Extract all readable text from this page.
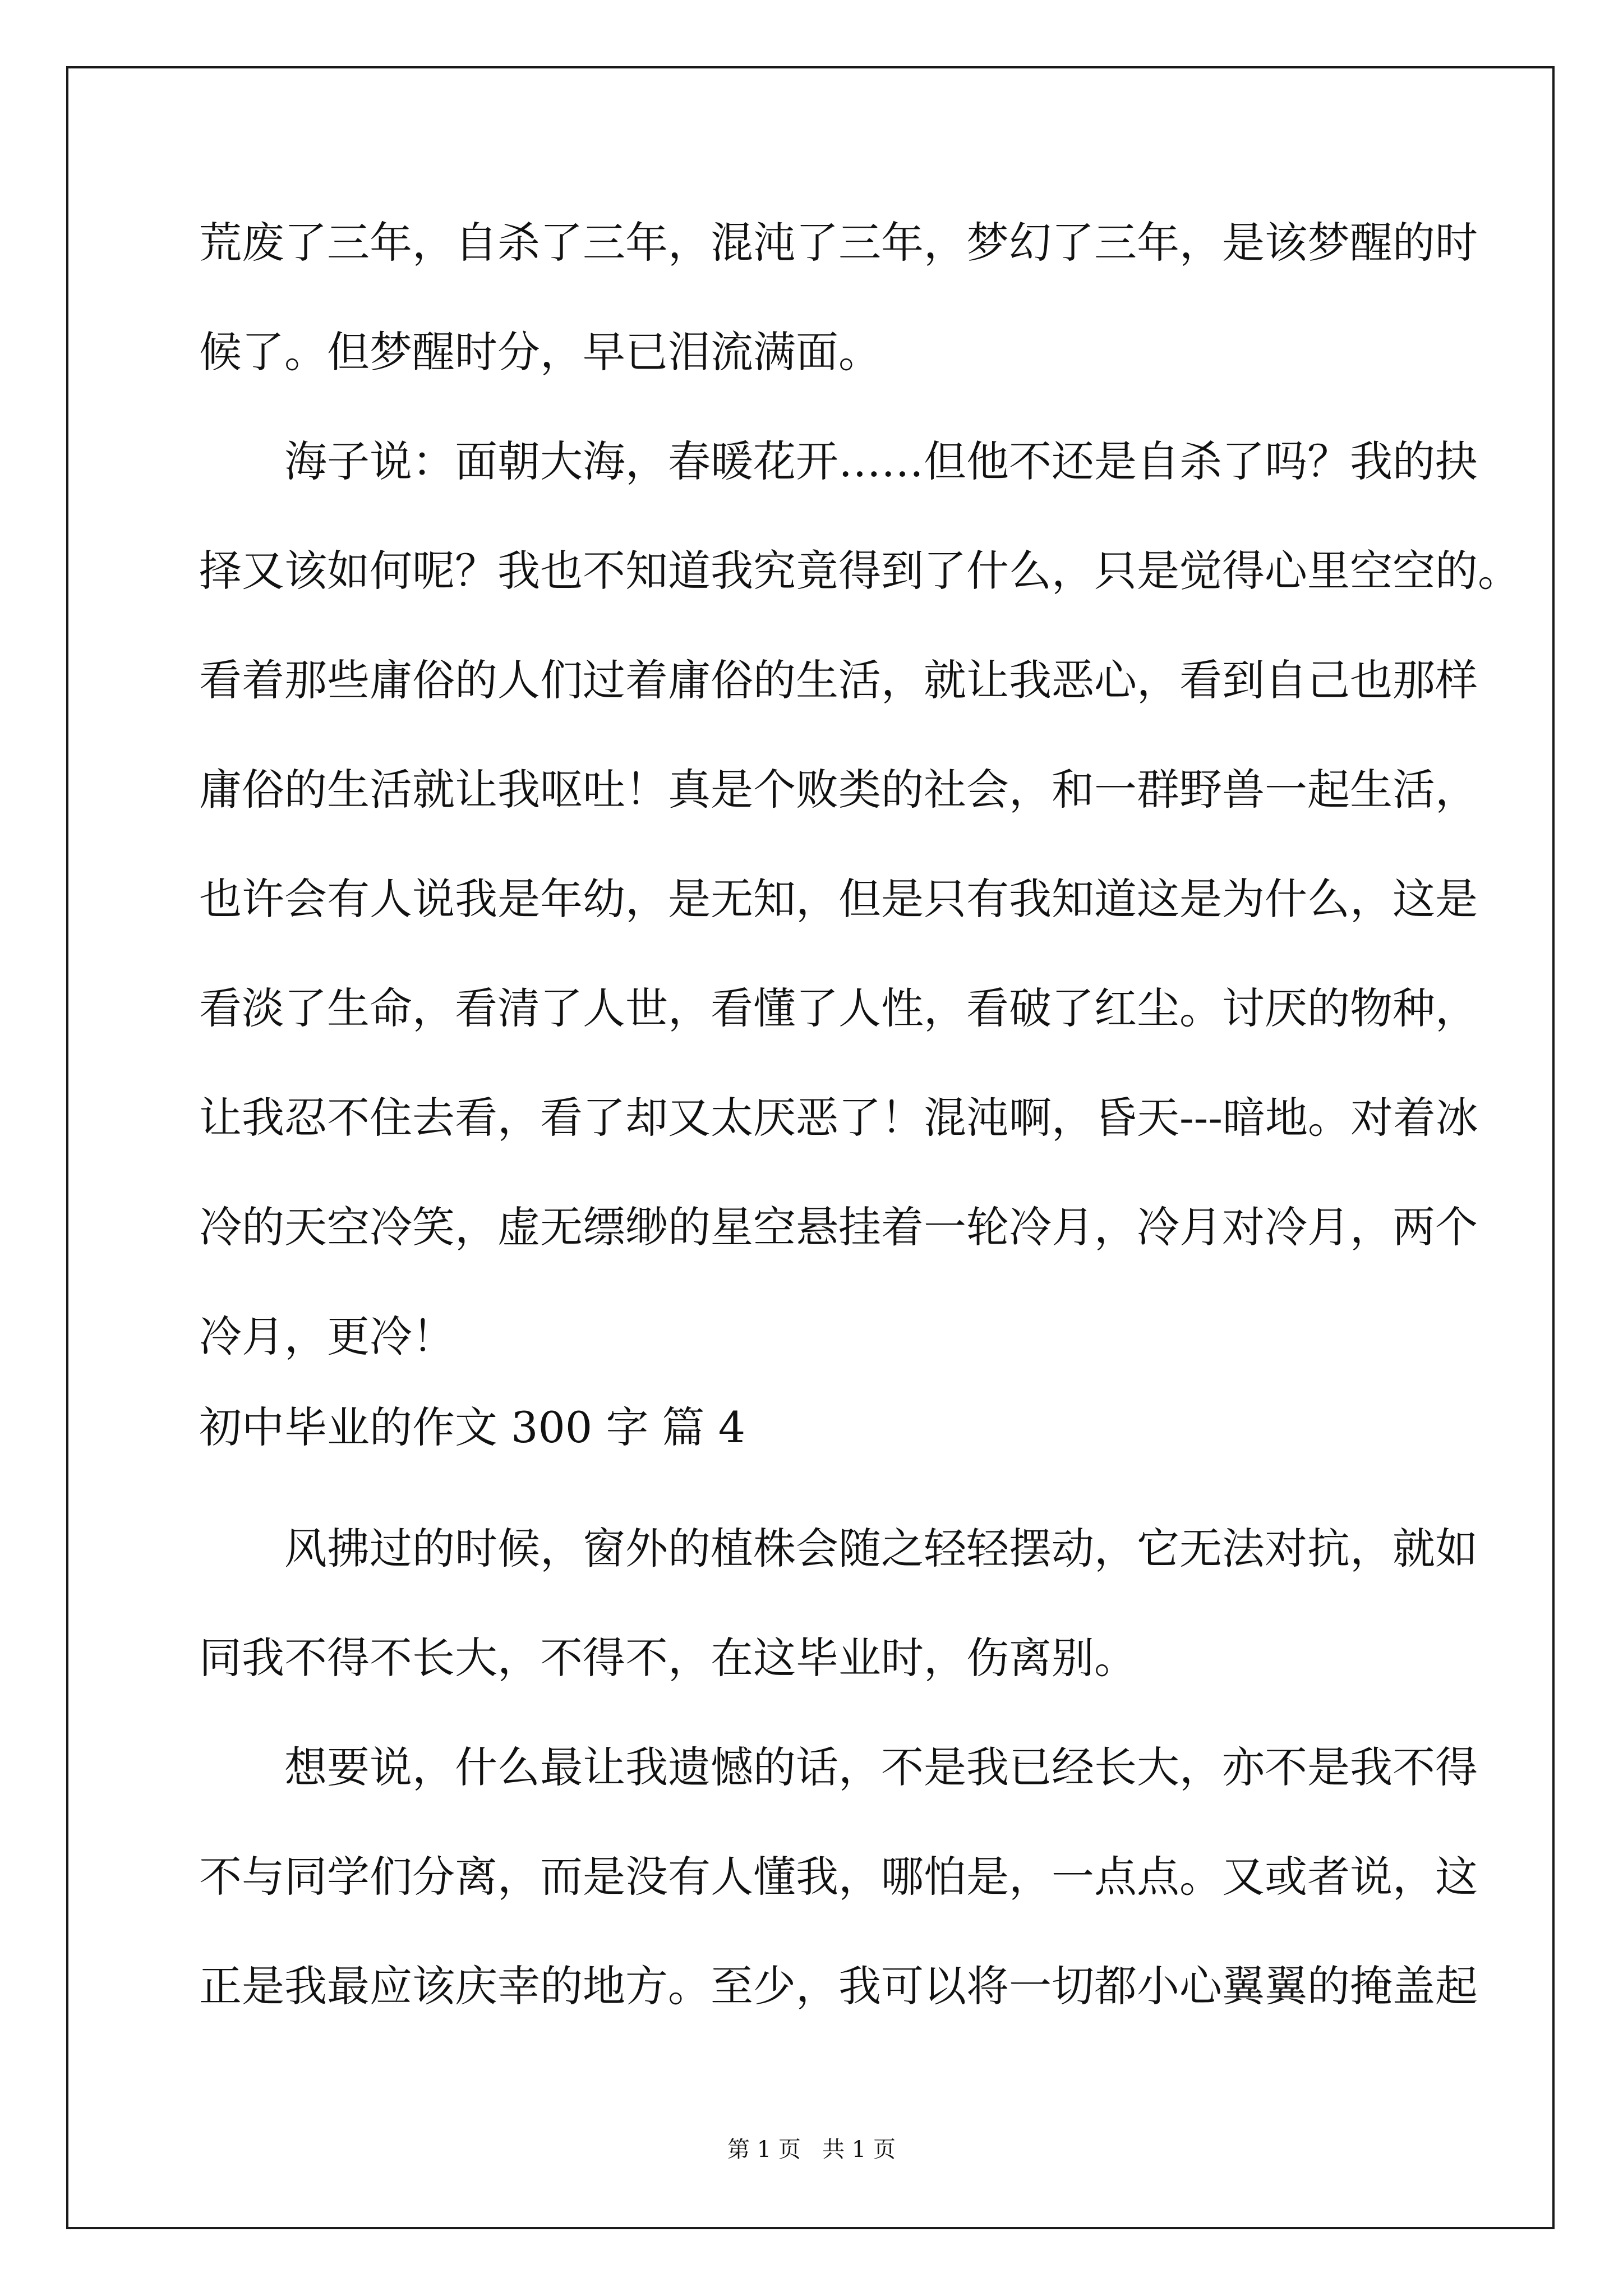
荒废了三年，自杀了三年，混沌了三年，梦幻了三年，是该梦醒的时
候了。但梦醒时分，早已泪流满面。
　　海子说：面朝大海，春暖花开……但他不还是自杀了吗？我的抉
择又该如何呢？我也不知道我究竟得到了什么，只是觉得心里空空的。
看着那些庸俗的人们过着庸俗的生活，就让我恶心，看到自己也那样
庸俗的生活就让我呕吐！真是个败类的社会，和一群野兽一起生活，
也许会有人说我是年幼，是无知，但是只有我知道这是为什么，这是
看淡了生命，看清了人世，看懂了人性，看破了红尘。讨厌的物种，
让我忍不住去看，看了却又太厌恶了！混沌啊，昏天---暗地。对着冰
冷的天空冷笑，虚无缥缈的星空悬挂着一轮冷月，冷月对冷月，两个
冷月，更冷！
初中毕业的作文 300 字 篇 4
　　风拂过的时候，窗外的植株会随之轻轻摆动，它无法对抗，就如
同我不得不长大，不得不，在这毕业时，伤离别。
　　想要说，什么最让我遗憾的话，不是我已经长大，亦不是我不得
不与同学们分离，而是没有人懂我，哪怕是，一点点。又或者说，这
正是我最应该庆幸的地方。至少，我可以将一切都小心翼翼的掩盖起
第 1 页   共 1 页
